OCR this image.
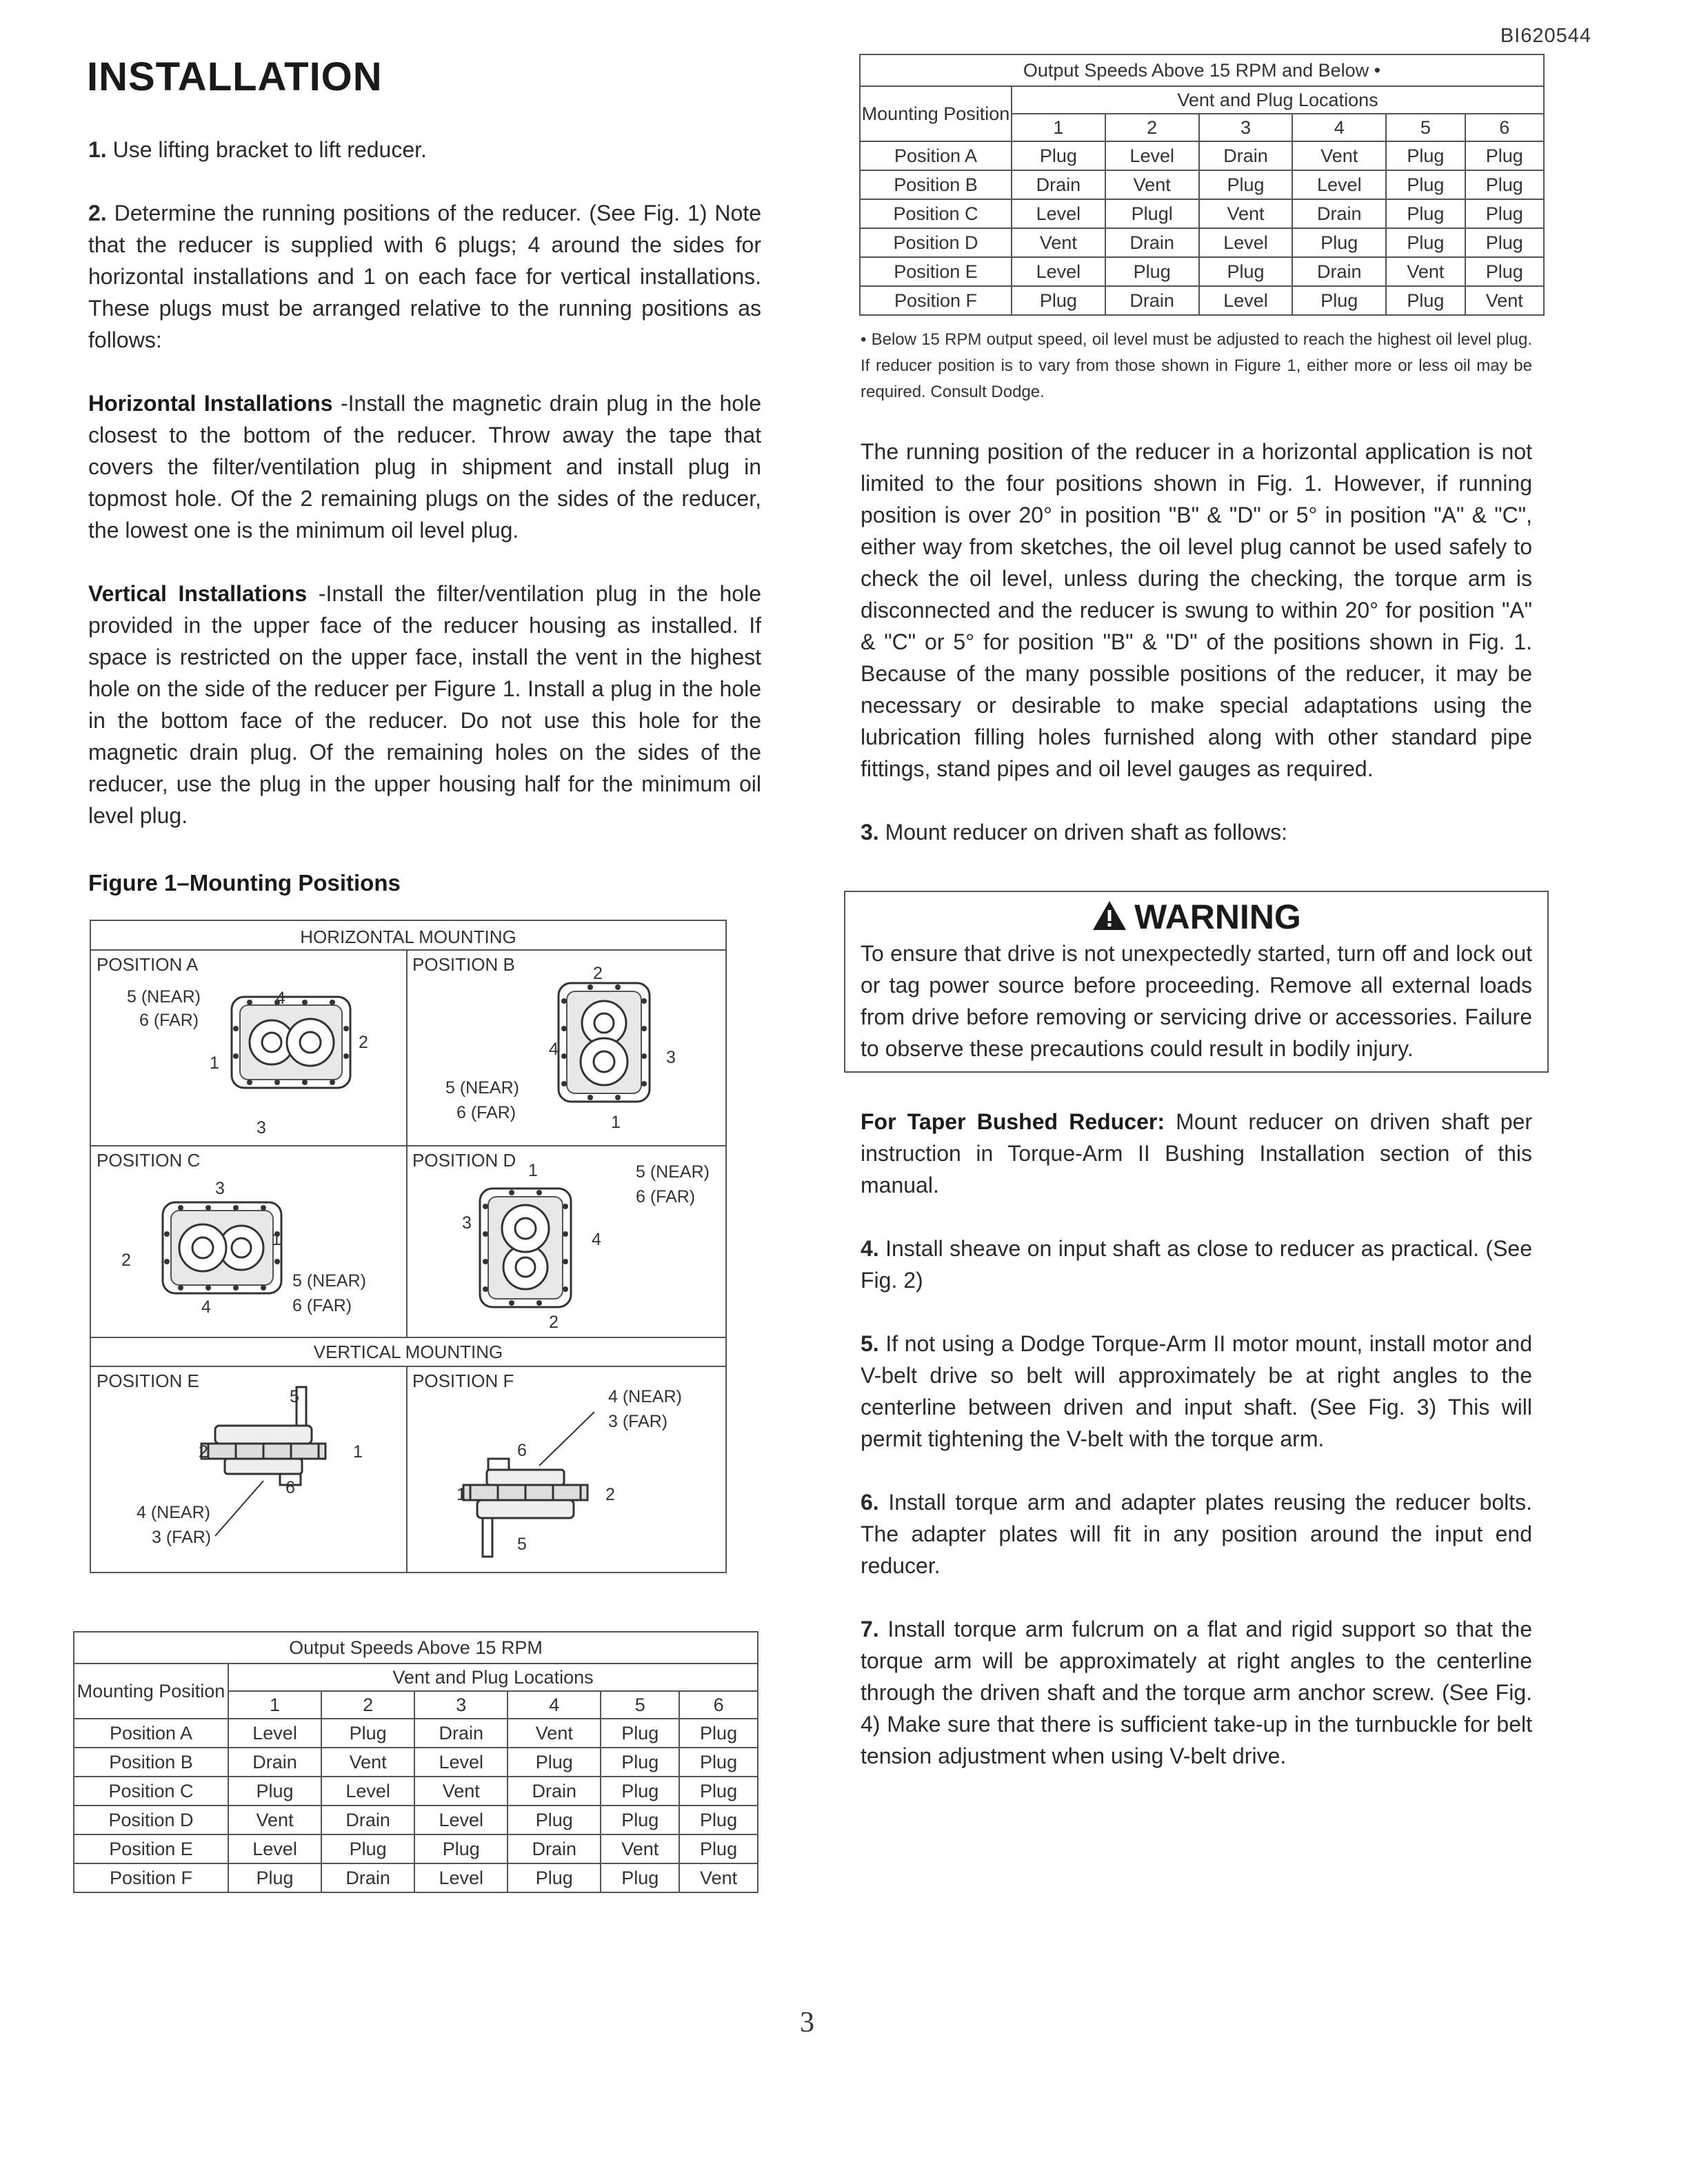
BI620544
INSTALLATION

1. Use lifting bracket to lift reducer.

2. Determine the running positions of the reducer. (See Fig. 1) Note that the reducer is supplied with 6 plugs; 4 around the sides for horizontal installations and 1 on each face for vertical installations. These plugs must be arranged relative to the running positions as follows:

Horizontal Installations -Install the magnetic drain plug in the hole closest to the bottom of the reducer. Throw away the tape that covers the filter/ventilation plug in shipment and install plug in topmost hole. Of the 2 remaining plugs on the sides of the reducer, the lowest one is the minimum oil level plug.

Vertical Installations -Install the filter/ventilation plug in the hole provided in the upper face of the reducer housing as installed. If space is restricted on the upper face, install the vent in the highest hole on the side of the reducer per Figure 1. Install a plug in the hole in the bottom face of the reducer. Do not use this hole for the magnetic drain plug. Of the remaining holes on the sides of the reducer, use the plug in the upper housing half for the minimum oil level plug.

Figure 1–Mounting Positions
HORIZONTAL MOUNTING
VERTICAL MOUNTING
POSITION A
5 (NEAR)
6 (FAR)
4
2
1
3
POSITION B	2
4	3
5 (NEAR)
6 (FAR)	1
POSITION C
3
1
2
5 (NEAR)
6 (FAR)
4
POSITION D 1	5 (NEAR)
6 (FAR)
3
4
2
POSITION E
5
2	1
6
4 (NEAR)
3 (FAR)
POSITION F
4 (NEAR)
3 (FAR)
6
1	2
5
Output Speeds Above 15 RPM						
Mounting Position	Vent and Plug Locations					
	1	2	3	4	5	6
Position A	Level	Plug	Drain	Vent	Plug	Plug
Position B	Drain	Vent	Level	Plug	Plug	Plug
Position C	Plug	Level	Vent	Drain	Plug	Plug
Position D	Vent	Drain	Level	Plug	Plug	Plug
Position E	Level	Plug	Plug	Drain	Vent	Plug
Position F	Plug	Drain	Level	Plug	Plug	Vent
Output Speeds Above 15 RPM and Below •						
Mounting Position	Vent and Plug Locations					
	1	2	3	4	5	6
Position A	Plug	Level	Drain	Vent	Plug	Plug
Position B	Drain	Vent	Plug	Level	Plug	Plug
Position C	Level	Plugl	Vent	Drain	Plug	Plug
Position D	Vent	Drain	Level	Plug	Plug	Plug
Position E	Level	Plug	Plug	Drain	Vent	Plug
Position F	Plug	Drain	Level	Plug	Plug	Vent
• Below 15 RPM output speed, oil level must be adjusted to reach the highest oil level plug. If reducer position is to vary from those shown in Figure 1, either more or less oil may be required. Consult Dodge.

The running position of the reducer in a horizontal application is not limited to the four positions shown in Fig. 1. However, if running position is over 20° in position "B" & "D" or 5° in position "A" & "C", either way from sketches, the oil level plug cannot be used safely to check the oil level, unless during the checking, the torque arm is disconnected and the reducer is swung to within 20° for position "A" & "C" or 5° for position "B" & "D" of the positions shown in Fig. 1. Because of the many possible positions of the reducer, it may be necessary or desirable to make special adaptations using the lubrication filling holes furnished along with other standard pipe fittings, stand pipes and oil level gauges as required.

3. Mount reducer on driven shaft as follows:

WARNING
To ensure that drive is not unexpectedly started, turn off and lock out or tag power source before proceeding. Remove all external loads from drive before removing or servicing drive or accessories. Failure to observe these precautions could result in bodily injury.

For Taper Bushed Reducer: Mount reducer on driven shaft per instruction in Torque-Arm II Bushing Installation section of this manual.

4. Install sheave on input shaft as close to reducer as practical. (See Fig. 2)

5. If not using a Dodge Torque-Arm II motor mount, install motor and V-belt drive so belt will approximately be at right angles to the centerline between driven and input shaft. (See Fig. 3) This will permit tightening the V-belt with the torque arm.

6. Install torque arm and adapter plates reusing the reducer bolts. The adapter plates will fit in any position around the input end reducer.

7. Install torque arm fulcrum on a flat and rigid support so that the torque arm will be approximately at right angles to the centerline through the driven shaft and the torque arm anchor screw. (See Fig. 4) Make sure that there is sufficient take-up in the turnbuckle for belt tension adjustment when using V-belt drive.

3
